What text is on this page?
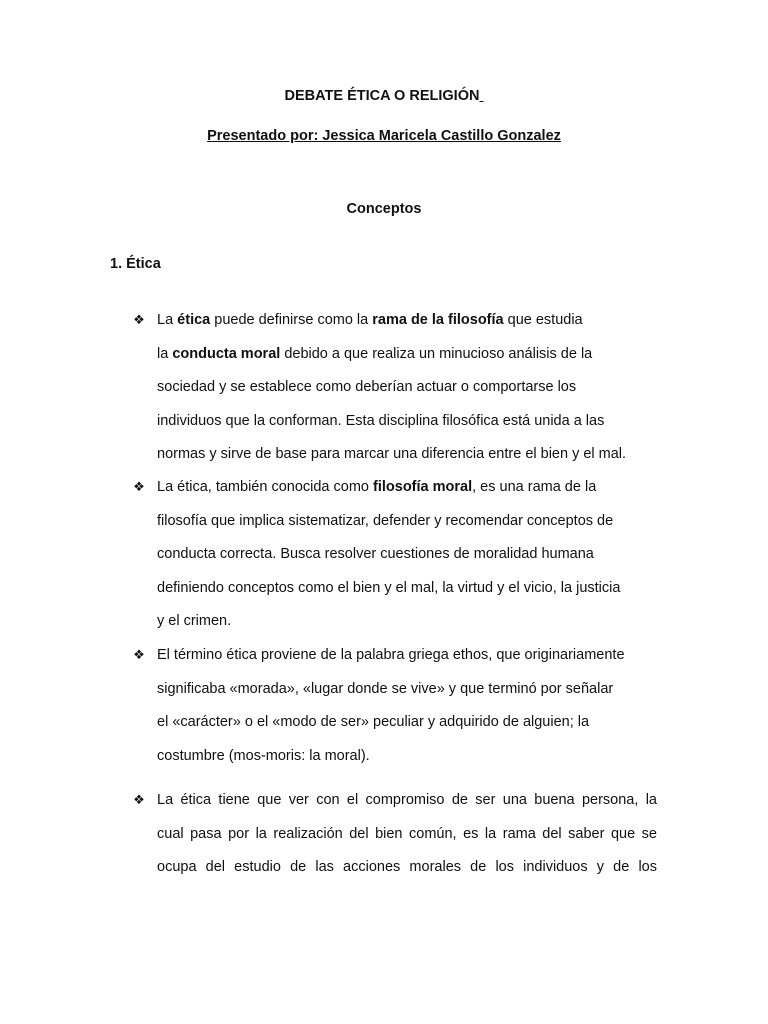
DEBATE ÉTICA O RELIGIÓN
Presentado por: Jessica Maricela Castillo Gonzalez
Conceptos
1. Ética
❖ La ética puede definirse como la rama de la filosofía que estudia
la conducta moral debido a que realiza un minucioso análisis de la
sociedad y se establece como deberían actuar o comportarse los
individuos que la conforman. Esta disciplina filosófica está unida a las
normas y sirve de base para marcar una diferencia entre el bien y el mal.
❖ La ética, también conocida como filosofía moral, es una rama de la
filosofía que implica sistematizar, defender y recomendar conceptos de
conducta correcta. Busca resolver cuestiones de moralidad humana
definiendo conceptos como el bien y el mal, la virtud y el vicio, la justicia
y el crimen.
❖ El término ética proviene de la palabra griega ethos, que originariamente
significaba «morada», «lugar donde se vive» y que terminó por señalar
el «carácter» o el «modo de ser» peculiar y adquirido de alguien; la
costumbre (mos-moris: la moral).
❖ La ética tiene que ver con el compromiso de ser una buena persona, la
cual pasa por la realización del bien común, es la rama del saber que se
ocupa del estudio de las acciones morales de los individuos y de los
